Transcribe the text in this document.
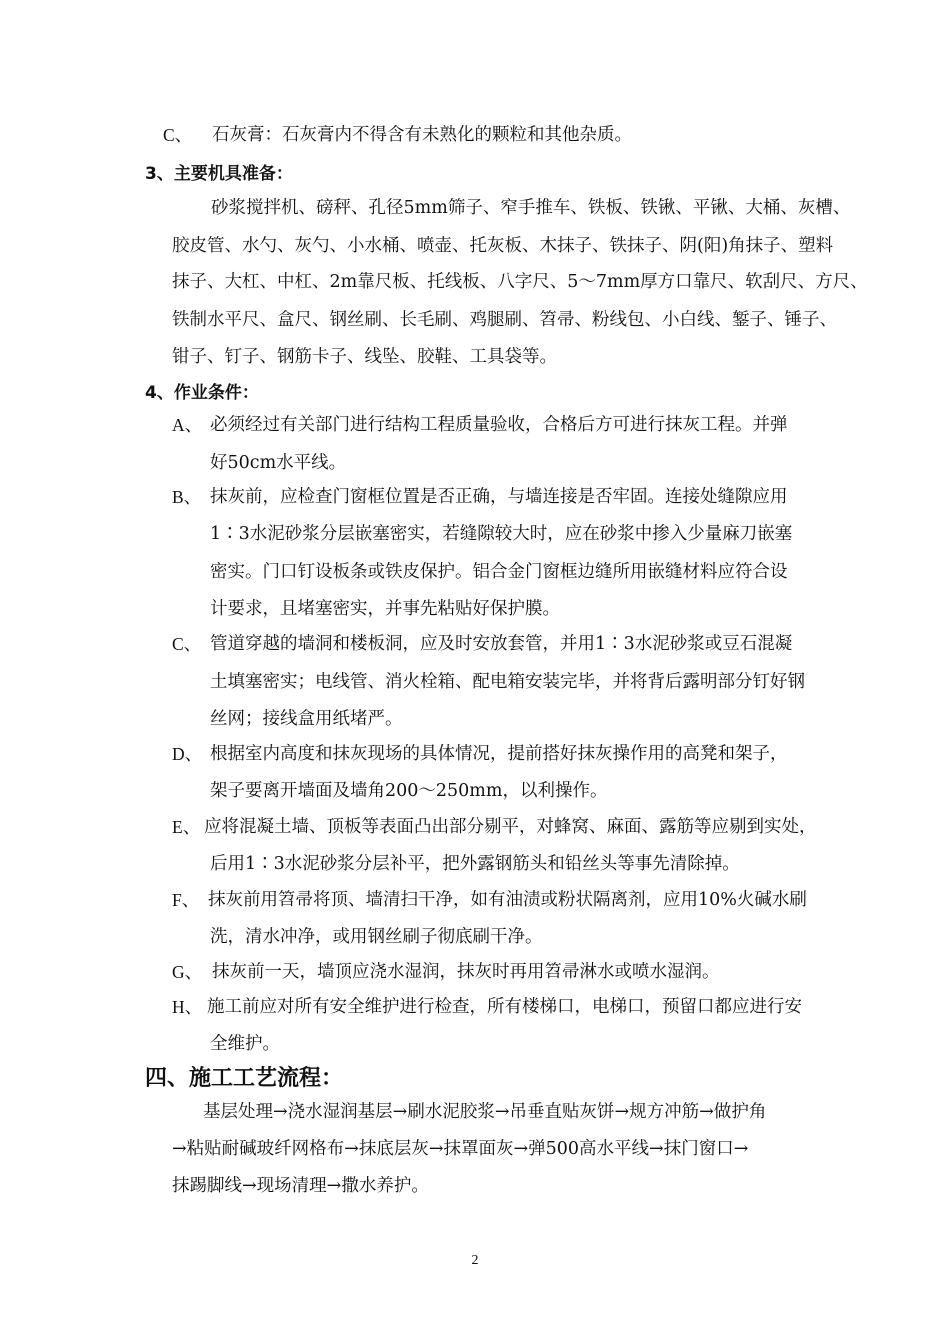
C、 石灰膏：石灰膏内不得含有未熟化的颗粒和其他杂质。
3、主要机具准备：
砂浆搅拌机、磅秤、孔径5mm筛子、窄手推车、铁板、铁锹、平锹、大桶、灰槽、
胶皮管、水勺、灰勺、小水桶、喷壶、托灰板、木抹子、铁抹子、阴(阳)角抹子、塑料
抹子、大杠、中杠、2m靠尺板、托线板、八字尺、5～7mm厚方口靠尺、软刮尺、方尺、
铁制水平尺、盒尺、钢丝刷、长毛刷、鸡腿刷、笤帚、粉线包、小白线、錾子、锤子、
钳子、钉子、钢筋卡子、线坠、胶鞋、工具袋等。
4、作业条件：
A、 必须经过有关部门进行结构工程质量验收，合格后方可进行抹灰工程。并弹
好50cm水平线。
B、 抹灰前，应检查门窗框位置是否正确，与墙连接是否牢固。连接处缝隙应用
1∶3水泥砂浆分层嵌塞密实，若缝隙较大时，应在砂浆中掺入少量麻刀嵌塞
密实。门口钉设板条或铁皮保护。铝合金门窗框边缝所用嵌缝材料应符合设
计要求，且堵塞密实，并事先粘贴好保护膜。
C、 管道穿越的墙洞和楼板洞，应及时安放套管，并用1∶3水泥砂浆或豆石混凝
土填塞密实；电线管、消火栓箱、配电箱安装完毕，并将背后露明部分钉好钢
丝网；接线盒用纸堵严。
D、 根据室内高度和抹灰现场的具体情况，提前搭好抹灰操作用的高凳和架子，
架子要离开墙面及墙角200～250mm，以利操作。
E、 应将混凝土墙、顶板等表面凸出部分剔平，对蜂窝、麻面、露筋等应剔到实处，
后用1∶3水泥砂浆分层补平，把外露钢筋头和铅丝头等事先清除掉。
F、 抹灰前用笤帚将顶、墙清扫干净，如有油渍或粉状隔离剂，应用10%火碱水刷
洗，清水冲净，或用钢丝刷子彻底刷干净。
G、 抹灰前一天，墙顶应浇水湿润，抹灰时再用笤帚淋水或喷水湿润。
H、 施工前应对所有安全维护进行检查，所有楼梯口，电梯口，预留口都应进行安
全维护。
四、施工工艺流程：
基层处理→浇水湿润基层→刷水泥胶浆→吊垂直贴灰饼→规方冲筋→做护角
→粘贴耐碱玻纤网格布→抹底层灰→抹罩面灰→弹500高水平线→抹门窗口→
抹踢脚线→现场清理→撒水养护。
2
